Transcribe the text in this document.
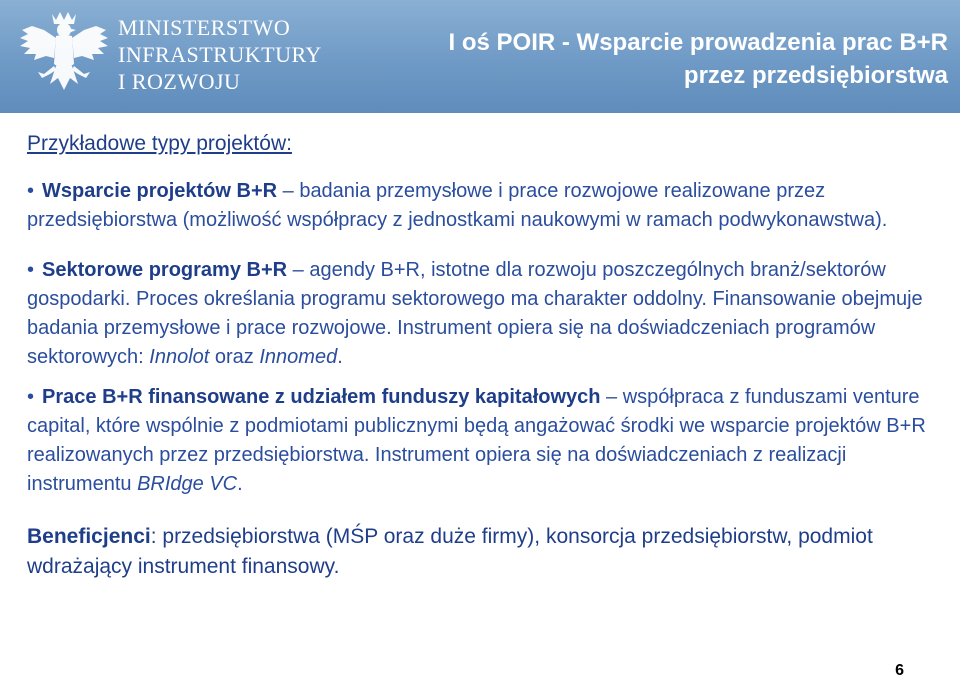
MINISTERSTWO
INFRASTRUKTURY
I ROZWOJU
I oś POIR - Wsparcie prowadzenia prac B+R
przez przedsiębiorstwa
Przykładowe typy projektów:
• Wsparcie projektów B+R – badania przemysłowe i prace rozwojowe realizowane przez przedsiębiorstwa (możliwość współpracy z jednostkami naukowymi w ramach podwykonawstwa).
• Sektorowe programy B+R – agendy B+R, istotne dla rozwoju poszczególnych branż/sektorów gospodarki. Proces określania programu sektorowego ma charakter oddolny. Finansowanie obejmuje badania przemysłowe i prace rozwojowe. Instrument opiera się na doświadczeniach programów sektorowych: Innolot oraz Innomed.
• Prace B+R finansowane z udziałem funduszy kapitałowych – współpraca z funduszami venture capital, które wspólnie z podmiotami publicznymi będą angażować środki we wsparcie projektów B+R realizowanych przez przedsiębiorstwa. Instrument opiera się na doświadczeniach z realizacji instrumentu BRIdge VC.
Beneficjenci: przedsiębiorstwa (MŚP oraz duże firmy), konsorcja przedsiębiorstw, podmiot wdrażający instrument finansowy.
6
